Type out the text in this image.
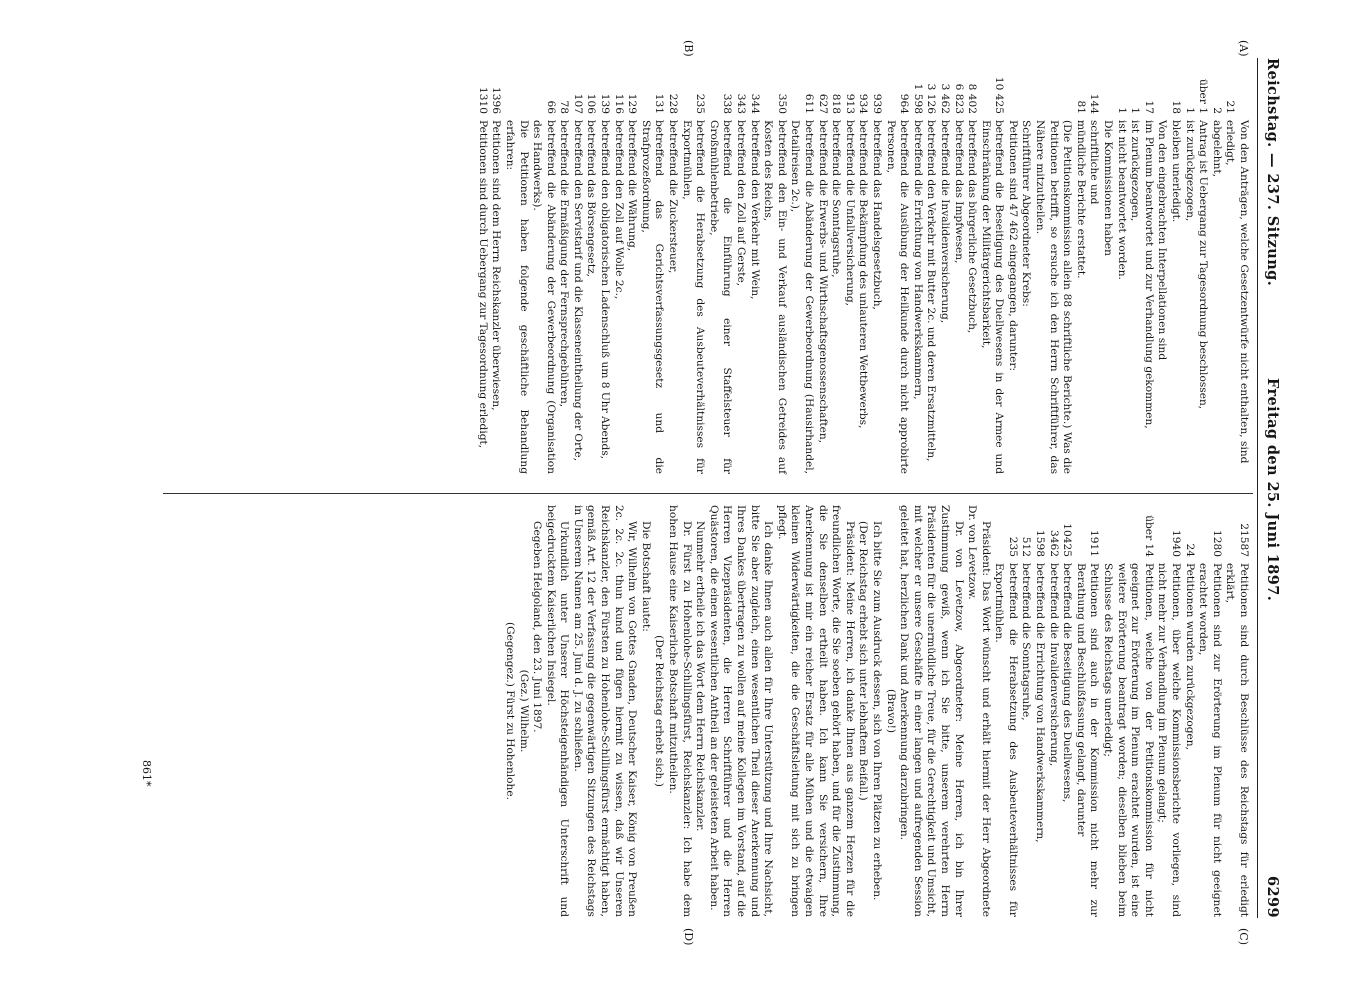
Reichstag. — 237. Sitzung.
Freitag den 25. Juni 1897.
6299
(A)
(B)
(C)
(D)
Von den Anträgen, welche Gesetzentwürfe nicht enthalten, sind
21
erledigt,
2
abgelehnt,
über 1
Antrag ist Uebergang zur Tagesordnung beschlossen,
1
ist zurückgezogen,
18
bleiben unerledigt.
Von den eingebrachten Interpellationen sind
17
im Plenum beantwortet und zur Verhandlung gekommen,
1
ist zurückgezogen,
1
ist nicht beantwortet worden.
Die Kommissionen haben
144
schriftliche und
81
mündliche Berichte erstattet.
(Die Petitionskommission allein 88 schriftliche Berichte.) Was die Petitionen betrifft, so ersuche ich den Herrn Schriftführer, das Nähere mitzutheilen.
Schriftführer Abgeordneter Krebs:
Petitionen sind 47 462 eingegangen, darunter:
10 425
betreffend die Beseitigung des Duellwesens in der Armee und Einschränkung der Militärgerichtsbarkeit,
8 402
betreffend das bürgerliche Gesetzbuch,
6 823
betreffend das Impfwesen,
3 462
betreffend die Invalidenversicherung,
3 126
betreffend den Verkehr mit Butter 2c. und deren Ersatzmitteln,
1 598
betreffend die Errichtung von Handwerkskammern,
964
betreffend die Ausübung der Heilkunde durch nicht approbirte Personen,
939
betreffend das Handelsgesetzbuch,
934
betreffend die Bekämpfung des unlauteren Wettbewerbs,
913
betreffend die Unfallversicherung,
818
betreffend die Sonntagsruhe,
627
betreffend die Erwerbs- und Wirthschaftsgenossenschaften,
611
betreffend die Abänderung der Gewerbeordnung (Hausirhandel, Detailreisen 2c.),
350
betreffend den Ein- und Verkauf ausländischen Getreides auf Kosten des Reichs,
344
betreffend den Verkehr mit Wein,
343
betreffend den Zoll auf Gerste,
338
betreffend die Einführung einer Staffelsteuer für Großmühlenbetriebe,
235
betreffend die Herabsetzung des Ausbeuteverhältnisses für Exportmühlen,
228
betreffend die Zuckersteuer,
131
betreffend das Gerichtsverfassungsgesetz und die Strafprozeßordnung,
129
betreffend die Währung,
116
betreffend den Zoll auf Wolle 2c.,
139
betreffend den obligatorischen Ladenschluß um 8 Uhr Abends,
106
betreffend das Börsengesetz,
107
betreffend den Servistarif und die Klasseneintheilung der Orte,
78
betreffend die Ermäßigung der Fernsprechgebühren,
66
betreffend die Abänderung der Gewerbeordnung (Organisation des Handwerks).
Die Petitionen haben folgende geschäftliche Behandlung erfahren:
1396
Petitionen sind dem Herrn Reichskanzler überwiesen,
1310
Petitionen sind durch Uebergang zur Tagesordnung erledigt,
21587
Petitionen sind durch Beschlüsse des Reichstags für erledigt erklärt,
1280
Petitionen sind zur Erörterung im Plenum für nicht geeignet erachtet worden,
24
Petitionen wurden zurückgezogen,
1940
Petitionen, über welche Kommissionsberichte vorliegen, sind nicht mehr zur Verhandlung im Plenum gelangt;
über 14
Petitionen, welche von der Petitionskommission für nicht geeignet zur Erörterung im Plenum erachtet wurden, ist eine weitere Erörterung beantragt worden; dieselben blieben beim Schlusse des Reichstags unerledigt;
1911
Petitionen sind auch in der Kommission nicht mehr zur Berathung und Beschlußfassung gelangt, darunter
10425
betreffend die Beseitigung des Duellwesens,
3462
betreffend die Invalidenversicherung,
1598
betreffend die Errichtung von Handwerkskammern,
512
betreffend die Sonntagsruhe,
235
betreffend die Herabsetzung des Ausbeuteverhältnisses für Exportmühlen.

Präsident: Das Wort wünscht und erhält hiermit der Herr Abgeordnete Dr. von Levetzow.

Dr. von Levetzow, Abgeordneter: Meine Herren, ich bin Ihrer Zustimmung gewiß, wenn ich Sie bitte, unserem verehrten Herrn Präsidenten für die unermüdliche Treue, für die Gerechtigkeit und Umsicht, mit welcher er unsere Geschäfte in einer langen und aufregenden Session geleitet hat, herzlichen Dank und Anerkennung darzubringen.

(Bravo!)

Ich bitte Sie zum Ausdruck dessen, sich von Ihren Plätzen zu erheben.

(Der Reichstag erhebt sich unter lebhaftem Beifall.)

Präsident: Meine Herren, ich danke Ihnen aus ganzem Herzen für die freundlichen Worte, die Sie soeben gehört haben, und für die Zustimmung, die Sie denselben ertheilt haben. Ich kann Sie versichern, Ihre Anerkennung ist mir ein reicher Ersatz für alle Mühen und die etwaigen kleinen Widerwärtigkeiten, die die Geschäftsleitung mit sich zu bringen pflegt.

Ich danke Ihnen auch allen für Ihre Unterstützung und Ihre Nachsicht, bitte Sie aber zugleich, einen wesentlichen Theil dieser Anerkennung und Ihres Dankes übertragen zu wollen auf meine Kollegen im Vorstand, auf die Herren Vizepräsidenten, die Herren Schriftführer und die Herren Quästoren, die einen wesentlichen Antheil an der geleisteten Arbeit haben.

Nunmehr ertheile ich das Wort dem Herrn Reichskanzler.

Dr. Fürst zu Hohenlohe-Schillingsfürst, Reichskanzler: Ich habe dem hohen Hause eine Kaiserliche Botschaft mitzutheilen.

(Der Reichstag erhebt sich.)

Die Botschaft lautet:

Wir, Wilhelm von Gottes Gnaden, Deutscher Kaiser, König von Preußen 2c. 2c. 2c. thun kund und fügen hiermit zu wissen, daß wir Unseren Reichskanzler, den Fürsten zu Hohenlohe-Schillingsfürst ermächtigt haben, gemäß Art. 12 der Verfassung die gegenwärtigen Sitzungen des Reichstags in Unserem Namen am 25. Juni d. J. zu schließen.

Urkundlich unter Unserer Höchsteigenhändigen Unterschrift und beigedrucktem Kaiserlichen Insiegel.

Gegeben Helgoland, den 23. Juni 1897.

(Gez.) Wilhelm.

(Gegengez.) Fürst zu Hohenlohe.

861*
